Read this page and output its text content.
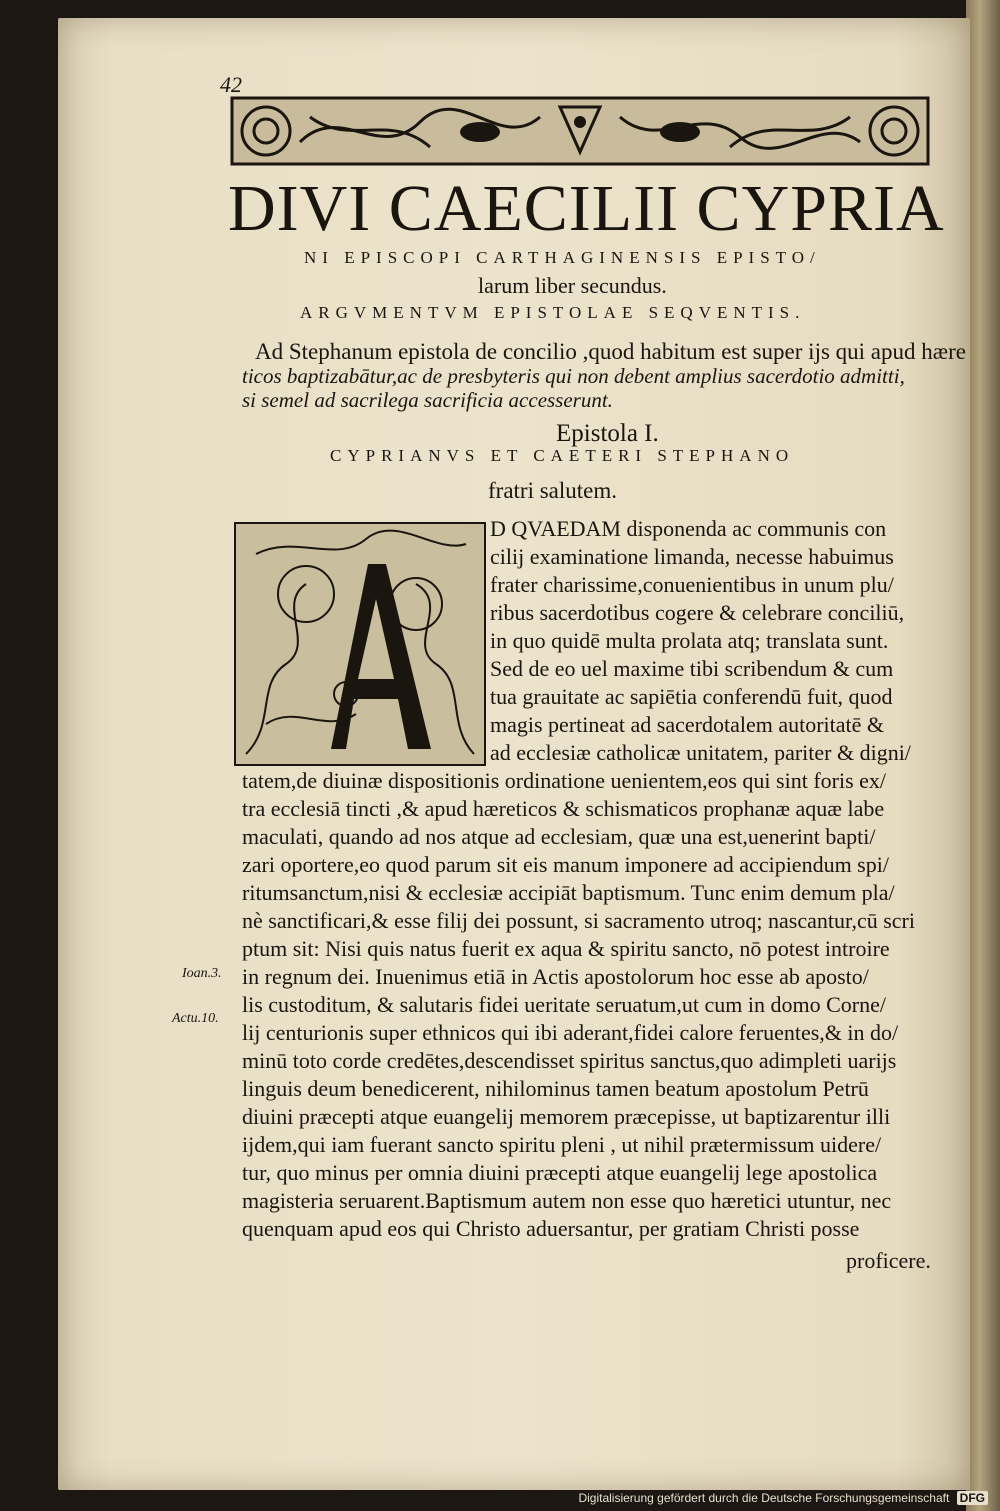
42
DIVI CAECILII CYPRIA
NI EPISCOPI CARTHAGINENSIS EPISTO/
larum liber secundus.
ARGVMENTVM EPISTOLAE SEQVENTIS.
Ad Stephanum epistola de concilio ,quod habitum est super ijs qui apud hære
ticos baptizabātur,ac de presbyteris qui non debent amplius sacerdotio admitti,
si semel ad sacrilega sacrificia accesserunt.
Epistola I.
CYPRIANVS ET CAETERI STEPHANO
fratri salutem.
D QVAEDAM disponenda ac communis con
cilij examinatione limanda, necesse habuimus
frater charissime,conuenientibus in unum plu/
ribus sacerdotibus cogere & celebrare conciliū,
in quo quidē multa prolata atq; translata sunt.
Sed de eo uel maxime tibi scribendum & cum
tua grauitate ac sapiētia conferendū fuit, quod
magis pertineat ad sacerdotalem autoritatē &
ad ecclesiæ catholicæ unitatem, pariter & digni/
tatem,de diuinæ dispositionis ordinatione uenientem,eos qui sint foris ex/
tra ecclesiā tincti ,& apud hæreticos & schismaticos prophanæ aquæ labe
maculati, quando ad nos atque ad ecclesiam, quæ una est,uenerint bapti/
zari oportere,eo quod parum sit eis manum imponere ad accipiendum spi/
ritumsanctum,nisi & ecclesiæ accipiāt baptismum. Tunc enim demum pla/
nè sanctificari,& esse filij dei possunt, si sacramento utroq; nascantur,cū scri
ptum sit: Nisi quis natus fuerit ex aqua & spiritu sancto, nō potest introire
in regnum dei. Inuenimus etiā in Actis apostolorum hoc esse ab aposto/
lis custoditum, & salutaris fidei ueritate seruatum,ut cum in domo Corne/
lij centurionis super ethnicos qui ibi aderant,fidei calore feruentes,& in do/
minū toto corde credētes,descendisset spiritus sanctus,quo adimpleti uarijs
linguis deum benedicerent, nihilominus tamen beatum apostolum Petrū
diuini præcepti atque euangelij memorem præcepisse, ut baptizarentur illi
ijdem,qui iam fuerant sancto spiritu pleni , ut nihil prætermissum uidere/
tur, quo minus per omnia diuini præcepti atque euangelij lege apostolica
magisteria seruarent.Baptismum autem non esse quo hæretici utuntur, nec
quenquam apud eos qui Christo aduersantur, per gratiam Christi posse
proficere.
Ioan.3.
Actu.10.
Digitalisierung gefördert durch die Deutsche Forschungsgemeinschaft DFG
